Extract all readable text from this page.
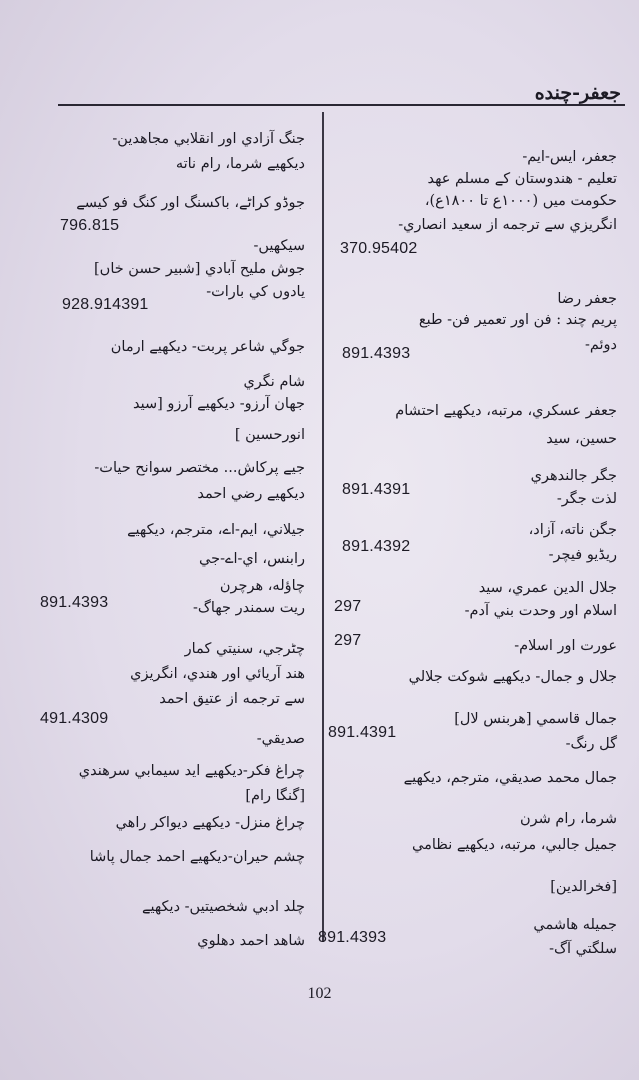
جعفر-چنده
جعفر، ايس-ايم-
تعليم - هندوستان كے مسلم عهد
حكومت ميں (١٠٠٠ع تا ١٨٠٠ع)،
انگريزي سے ترجمه از سعيد انصاري-
جعفر رضا
پريم چند : فن اور تعمير فن- طبع
دوئم-
جعفر عسكري، مرتبه، ديكهيے احتشام
حسين، سيد
جگر جالندهري
لذت جگر-
جگن ناته، آزاد،
ريڈيو فيچر-
جلال الدين عمري، سيد
اسلام اور وحدت بني آدم-
عورت اور اسلام-
جلال و جمال- ديكهيے شوكت جلالي
جمال قاسمي [هربنس لال]
گل رنگ-
جمال محمد صديقي، مترجم، ديكهيے
شرما، رام شرن
جميل جالبي، مرتبه، ديكهيے نظامي
[فخرالدين]
جميله هاشمي
سلگتي آگ-
370.95402
891.4393
891.4391
891.4392
297
297
891.4391
891.4393
جنگ آزادي اور انقلابي مجاهدين-
ديكهيے شرما، رام ناته
جوڈو كراٹے، باكسنگ اور كنگ فو كيسے
سيكهيں-
جوش مليح آبادي [شبير حسن خاں]
يادوں كي بارات-
جوگي شاعر پربت- ديكهيے ارمان
شام نگري
جهان آرزو- ديكهيے آرزو [سيد
انورحسين ]
جيے پركاش... مختصر سوانح حيات-
ديكهيے رضي احمد
جيلاني، ايم-اے، مترجم، ديكهيے
رابنس، اي-اے-جي
چاؤله، هرچرن
ريت سمندر جهاگ-
چٹرجي، سنيتي كمار
هند آريائي اور هندي، انگريزي
سے ترجمه از عتيق احمد
صديقي-
چراغ فكر-ديكهيے ايد سيمابي سرهندي
[گنگا رام]
چراغ منزل- ديكهيے ديواكر راهي
چشم حيران-ديكهيے احمد جمال پاشا
چلد ادبي شخصيتيں- ديكهيے
شاهد احمد دهلوي
796.815
928.914391
891.4393
491.4309
102
